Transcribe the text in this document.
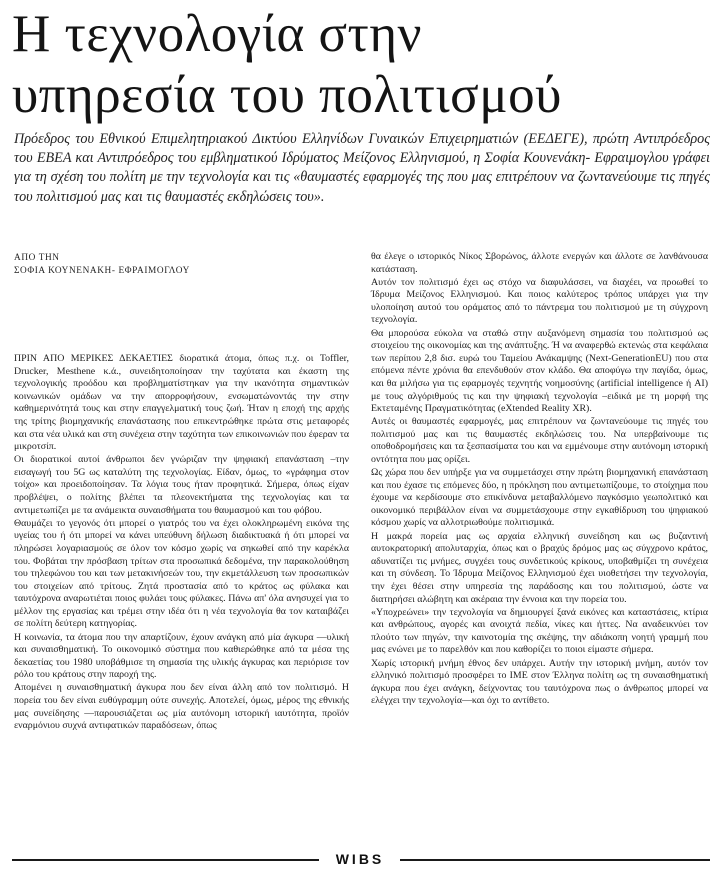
Η τεχνολογία στην
υπηρεσία του πολιτισμού

Πρόεδρος του Εθνικού Επιμελητηριακού Δικτύου Ελληνίδων Γυναικών Επιχειρηματιών (ΕΕΔΕΓΕ), πρώτη Αντιπρόεδρος του ΕΒΕΑ και Αντιπρόεδρος του εμβληματικού Ιδρύματος Μείζονος Ελληνισμού, η Σοφία Κουνενάκη- Εφραιμογλου γράφει για τη σχέση του πολίτη με την τεχνολογία και τις «θαυμαστές εφαρμογές της που μας επιτρέπουν να ζωντανεύουμε τις πηγές του πολιτισμού μας και τις θαυμαστές εκδηλώσεις του».

ΑΠΟ ΤΗΝ
ΣΟΦΙΑ ΚΟΥΝΕΝΑΚΗ- ΕΦΡΑΙΜΟΓΛΟΥ

ΠΡΙΝ ΑΠΟ ΜΕΡΙΚΕΣ ΔΕΚΑΕΤΙΕΣ διορατικά άτομα, όπως π.χ. οι Toffler, Drucker, Mesthene κ.ά., συνειδητοποίησαν την ταχύτατα και έκαστη της τεχνολογικής προόδου και προβληματίστηκαν για την ικανότητα σημαντικών κοινωνικών ομάδων να την απορροφήσουν, ενσωματώνοντάς την στην καθημερινότητά τους και στην επαγγελματική τους ζωή. Ήταν η εποχή της αρχής της τρίτης βιομηχανικής επανάστασης που επικεντρώθηκε πρώτα στις μεταφορές και στα νέα υλικά και στη συνέχεια στην ταχύτητα των επικοινωνιών που έφεραν τα μικροτσίπ.

Οι διορατικοί αυτοί άνθρωποι δεν γνώριζαν την ψηφιακή επανάσταση –την εισαγωγή του 5G ως καταλύτη της τεχνολογίας. Είδαν, όμως, το «γράφημα στον τοίχο» και προειδοποίησαν. Τα λόγια τους ήταν προφητικά. Σήμερα, όπως είχαν προβλέψει, ο πολίτης βλέπει τα πλεονεκτήματα της τεχνολογίας και τα αντιμετωπίζει με τα ανάμεικτα συναισθήματα του θαυμασμού και του φόβου.

Θαυμάζει το γεγονός ότι μπορεί ο γιατρός του να έχει ολοκληρωμένη εικόνα της υγείας του ή ότι μπορεί να κάνει υπεύθυνη δήλωση διαδικτυακά ή ότι μπορεί να πληρώσει λογαριασμούς σε όλον τον κόσμο χωρίς να σηκωθεί από την καρέκλα του. Φοβάται την πρόσβαση τρίτων στα προσωπικά δεδομένα, την παρακολούθηση του τηλεφώνου του και των μετακινήσεών του, την εκμετάλλευση των προσωπικών του στοιχείων από τρίτους. Ζητά προστασία από το κράτος ως φύλακα και ταυτόχρονα αναρωτιέται ποιος φυλάει τους φύλακες. Πάνω απ' όλα ανησυχεί για το μέλλον της εργασίας και τρέμει στην ιδέα ότι η νέα τεχνολογία θα τον καταιβάζει σε πολίτη δεύτερη κατηγορίας.

Η κοινωνία, τα άτομα που την απαρτίζουν, έχουν ανάγκη από μία άγκυρα —υλική και συναισθηματική. Το οικονομικό σύστημα που καθιερώθηκε από τα μέσα της δεκαετίας του 1980 υποβάθμισε τη σημασία της υλικής άγκυρας και περιόρισε τον ρόλο του κράτους στην παροχή της.

Απομένει η συναισθηματική άγκυρα που δεν είναι άλλη από τον πολιτισμό. Η πορεία του δεν είναι ευθύγραμμη ούτε συνεχής. Αποτελεί, όμως, μέρος της εθνικής μας συνείδησης —παρουσιάζεται ως μία αυτόνομη ιστορική ιαυτότητα, προϊόν εναρμόνιου συχνά αντιφατικών παραδόσεων, όπως

θα έλεγε ο ιστορικός Νίκος Σβορώνος, άλλοτε ενεργών και άλλοτε σε λανθάνουσα κατάσταση.

Αυτόν τον πολιτισμό έχει ως στόχο να διαφυλάσσει, να διαχέει, να προωθεί το Ίδρυμα Μείζονος Ελληνισμού. Και ποιος καλύτερος τρόπος υπάρχει για την υλοποίηση αυτού του οράματος από το πάντρεμα του πολιτισμού με τη σύγχρονη τεχνολογία.

Θα μπορούσα εύκολα να σταθώ στην αυξανόμενη σημασία του πολιτισμού ως στοιχείου της οικονομίας και της ανάπτυξης. Ή να αναφερθώ εκτενώς στα κεφάλαια των περίπου 2,8 δισ. ευρώ του Ταμείου Ανάκαμψης (Next-GenerationEU) που στα επόμενα πέντε χρόνια θα επενδυθούν στον κλάδο. Θα αποφύγω την παγίδα, όμως, και θα μιλήσω για τις εφαρμογές τεχνητής νοημοσύνης (artificial intelligence ή AI) με τους αλγόριθμούς τις και την ψηφιακή τεχνολογία –ειδικά με τη μορφή της Εκτεταμένης Πραγματικότητας (eXtended Reality XR).

Αυτές οι θαυμαστές εφαρμογές, μας επιτρέπουν να ζωντανεύουμε τις πηγές του πολιτισμού μας και τις θαυμαστές εκδηλώσεις του. Να υπερβαίνουμε τις οποθοδρομήσεις και τα ξεσπασίματα του και να εμμένουμε στην αυτόνομη ιστορική οντότητα που μας ορίζει.

Ως χώρα που δεν υπήρξε για να συμμετάσχει στην πρώτη βιομηχανική επανάσταση και που έχασε τις επόμενες δύο, η πρόκληση που αντιμετωπίζουμε, το στοίχημα που έχουμε να κερδίσουμε στο επικίνδυνα μεταβαλλόμενο παγκόσμιο γεωπολιτικό και οικονομικό περιβάλλον είναι να συμμετάσχουμε στην εγκαθίδρυση του ψηφιακού κόσμου χωρίς να αλλοτριωθούμε πολιτισμικά.

Η μακρά πορεία μας ως αρχαία ελληνική συνείδηση και ως βυζαντινή αυτοκρατορική απολυταρχία, όπως και ο βραχύς δρόμος μας ως σύγχρονο κράτος, αδυνατίζει τις μνήμες, συγχέει τους συνδετικούς κρίκους, υποβαθμίζει τη συνέχεια και τη σύνδεση. Το Ίδρυμα Μείζονος Ελληνισμού έχει υιοθετήσει την τεχνολογία, την έχει θέσει στην υπηρεσία της παράδοσης και του πολιτισμού, ώστε να διατηρήσει αλώβητη και ακέραια την έννοια και την πορεία του.

«Υποχρεώνει» την τεχνολογία να δημιουργεί ξανά εικόνες και καταστάσεις, κτίρια και ανθρώπους, αγορές και ανοιχτά πεδία, νίκες και ήττες. Να αναδεικνύει τον πλούτο των πηγών, την καινοτομία της σκέψης, την αδιάκοπη νοητή γραμμή που μας ενώνει με το παρελθόν και που καθορίζει το ποιοι είμαστε σήμερα.

Χωρίς ιστορική μνήμη έθνος δεν υπάρχει. Αυτήν την ιστορική μνήμη, αυτόν τον ελληνικό πολιτισμό προσφέρει το ΙΜΕ στον Έλληνα πολίτη ως τη συναισθηματική άγκυρα που έχει ανάγκη, δείχνοντας του ταυτόχρονα πως ο άνθρωπος μπορεί να ελέγχει την τεχνολογία—και όχι το αντίθετο.

WIBS
